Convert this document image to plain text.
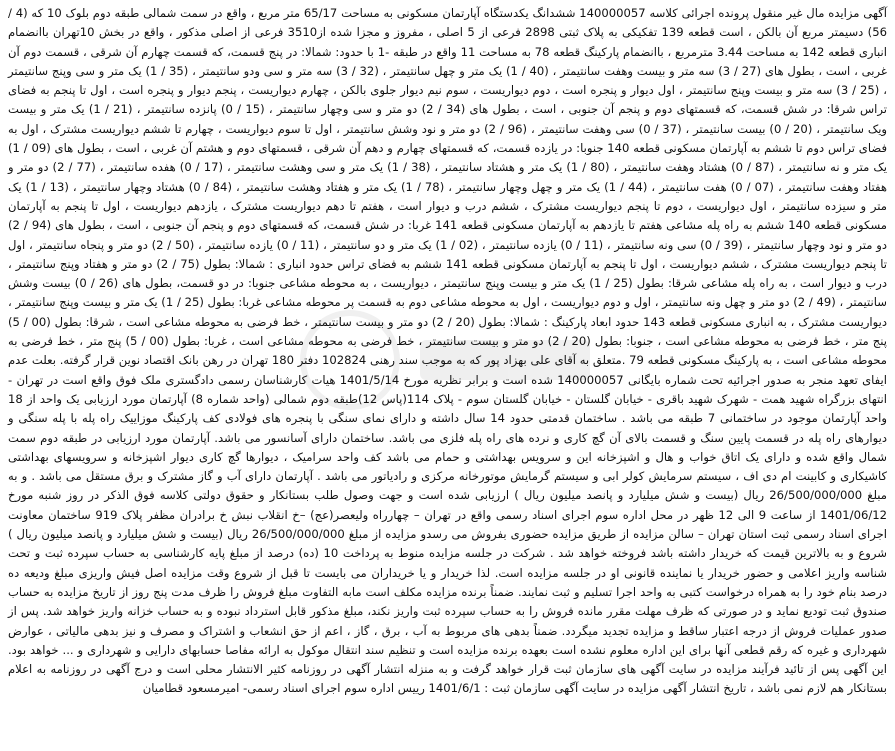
آگهی مزایده مال غیر منقول پرونده اجرائی کلاسه 140000057 ششدانگ یکدستگاه آپارتمان مسکونی به مساحت 65/17 متر مربع ، واقع در سمت شمالی طبقه دوم بلوک 10 که (4 / 56) دسیمتر مربع آن بالکن ، است قطعه 139 تفکیکی به پلاک ثبتی 2898 فرعی از 5 اصلی ، مفروز و مجزا شده از3510 فرعی از اصلی مذکور ، واقع در بخش 10تهران باانضمام انباری قطعه 142 به مساحت 3.44 مترمربع ، باانضمام پارکینگ قطعه 78 به مساحت 11 واقع در طبقه -1 با حدود: شمالا: در پنج قسمت، که قسمت چهارم آن شرقی ، قسمت دوم آن غربی ، است ، بطول های (27 / 3) سه متر و بیست وهفت سانتیمتر ، (40 / 1) یک متر و چهل سانتیمتر ، (32 / 3) سه متر و سی ودو سانتیمتر ، (35 / 1) یک متر و سی وپنج سانتیمتر ، (25 / 3) سه متر و بیست وپنج سانتیمتر ، اول دیوار و پنجره است ، دوم دیواریست ، سوم نیم دیوار جلوی بالکن ، چهارم دیواریست ، پنجم دیوار و پنجره است ، اول تا پنجم به فضای تراس شرقا: در شش قسمت، که قسمتهای دوم و پنجم آن جنوبی ، است ، بطول های (34 / 2) دو متر و سی وچهار سانتیمتر ، (15 / 0) پانزده سانتیمتر ، (21 / 1) یک متر و بیست ویک سانتیمتر ، (20 / 0) بیست سانتیمتر ، (37 / 0) سی وهفت سانتیمتر ، (96 / 2) دو متر و نود وشش سانتیمتر ، اول تا سوم دیواریست ، چهارم تا ششم دیواریست مشترک ، اول به فضای تراس دوم تا ششم به آپارتمان مسکونی قطعه 140 جنوبا: در یازده قسمت، که قسمتهای چهارم و دهم آن شرقی ، قسمتهای دوم و هشتم آن غربی ، است ، بطول های (09 / 1) یک متر و نه سانتیمتر ، (87 / 0) هشتاد وهفت سانتیمتر ، (80 / 1) یک متر و هشتاد سانتیمتر ، (38 / 1) یک متر و سی وهشت سانتیمتر ، (17 / 0) هفده سانتیمتر ، (77 / 2) دو متر و هفتاد وهفت سانتیمتر ، (07 / 0) هفت سانتیمتر ، (44 / 1) یک متر و چهل وچهار سانتیمتر ، (78 / 1) یک متر و هفتاد وهشت سانتیمتر ، (84 / 0) هشتاد وچهار سانتیمتر ، (13 / 1) یک متر و سیزده سانتیمتر ، اول دیواریست ، دوم تا پنجم دیواریست مشترک ، ششم درب و دیوار است ، هفتم تا دهم دیواریست مشترک ، یازدهم دیواریست ، اول تا پنجم به آپارتمان مسکونی قطعه 140 ششم به راه پله مشاعی هفتم تا یازدهم به آپارتمان مسکونی قطعه 141 غربا: در شش قسمت، که قسمتهای دوم و پنجم آن جنوبی ، است ، بطول های (94 / 2) دو متر و نود وچهار سانتیمتر ، (39 / 0) سی ونه سانتیمتر ، (11 / 0) یازده سانتیمتر ، (02 / 1) یک متر و دو سانتیمتر ، (11 / 0) یازده سانتیمتر ، (50 / 2) دو متر و پنجاه سانتیمتر ، اول تا پنجم دیواریست مشترک ، ششم دیواریست ، اول تا پنجم به آپارتمان مسکونی قطعه 141 ششم به فضای تراس حدود انباری : شمالا: بطول (75 / 2) دو متر و هفتاد وپنج سانتیمتر ، درب و دیوار است ، به راه پله مشاعی شرقا: بطول (25 / 1) یک متر و بیست وپنج سانتیمتر ، دیواریست ، به محوطه مشاعی جنوبا: در دو قسمت، بطول های (26 / 0) بیست وشش سانتیمتر ، (49 / 2) دو متر و چهل ونه سانتیمتر ، اول و دوم دیواریست ، اول به محوطه مشاعی دوم به قسمت پر محوطه مشاعی غربا: بطول (25 / 1) یک متر و بیست وپنج سانتیمتر ، دیواریست مشترک ، به انباری مسکونی قطعه 143 حدود ابعاد پارکینگ : شمالا: بطول (20 / 2) دو متر و بیست سانتیمتر ، خط فرضی به محوطه مشاعی است ، شرقا: بطول (00 / 5) پنج متر ، خط فرضی به محوطه مشاعی است ، جنوبا: بطول (20 / 2) دو متر و بیست سانتیمتر ، خط فرضی به محوطه مشاعی است ، غربا: بطول (00 / 5) پنج متر ، خط فرضی به محوطه مشاعی است ، به پارکینگ مسکونی قطعه 79 .متعلق به آقای علی بهزاد پور که به موجب سند رهنی 102824 دفتر 180 تهران در رهن بانک اقتصاد نوین قرار گرفته. بعلت عدم ایفای تعهد منجر به صدور اجرائیه تحت شماره بایگانی 140000057 شده است و برابر نظریه مورخ 1401/5/14 هیات کارشناسان رسمی دادگستری ملک فوق واقع است در تهران - انتهای بزرگراه شهید همت - شهرک شهید باقری - خیابان گلستان - خیابان گلستان سوم - پلاک 114(پاس 12)طبقه دوم شمالی (واحد شماره 8) آپارتمان مورد ارزیابی یک واحد از 18 واحد آپارتمان موجود در ساختمانی 7 طبقه می باشد . ساختمان قدمتی حدود 14 سال داشته و دارای نمای سنگی با پنجره های فولادی کف پارکینگ موزاییک راه پله با پله سنگی و دیوارهای راه پله در قسمت پایین سنگ و قسمت بالای آن گچ کاری و نرده های راه پله فلزی می باشد. ساختمان دارای آسانسور می باشد. آپارتمان مورد ارزیابی در طبقه دوم سمت شمال واقع شده و دارای یک اتاق خواب و هال و اشپزخانه این و سرویس بهداشتی و حمام می باشد کف واحد سرامیک ، دیوارها گچ کاری دیوار اشپزخانه و سرویسهای بهداشتی کاشیکاری و کابینت ام دی اف ، سیستم سرمایش کولر ابی و سیستم گرمایش موتورخانه مرکزی و رادیاتور می باشد . آپارتمان دارای آب و گاز مشترک و برق مستقل می باشد . و به مبلغ 26/500/000/000 ریال (بیست و شش میلیارد و پانصد میلیون ریال ) ارزیابی شده است و جهت وصول طلب بستانکار و حقوق دولتی کلاسه فوق الذکر در روز شنبه مورخ 1401/06/12 از ساعت 9 الی 12 ظهر در محل اداره سوم اجرای اسناد رسمی واقع در تهران – چهارراه ولیعصر(عج) –خ انقلاب نبش خ برادران مظفر پلاک 919 ساختمان معاونت اجرای اسناد رسمی ثبت استان تهران – سالن مزایده از طریق مزایده حضوری بفروش می رسدو مزایده از مبلغ 26/500/000/000 ریال (بیست و شش میلیارد و پانصد میلیون ریال ) شروع و به بالاترین قیمت که خریدار داشته باشد فروخته خواهد شد . شرکت در جلسه مزایده منوط به پرداخت 10 (ده) درصد از مبلغ پایه کارشناسی به حساب سپرده ثبت و تحت شناسه واریز اعلامی و حضور خریدار یا نماینده قانونی او در جلسه مزایده است. لذا خریدار و یا خریداران می بایست تا قبل از شروع وقت مزایده اصل فیش واریزی مبلغ ودیعه ده درصد بنام خود را به همراه درخواست کتبی به واحد اجرا تسلیم و ثبت نمایند. ضمناً برنده مزایده مکلف است مابه التفاوت مبلغ فروش را ظرف مدت پنج روز از تاریخ مزایده به حساب صندوق ثبت تودیع نماید و در صورتی که ظرف مهلت مقرر مانده فروش را به حساب سپرده ثبت واریز نکند، مبلغ مذکور قابل استرداد نبوده و به حساب خزانه واریز خواهد شد. پس از صدور عملیات فروش از درجه اعتبار ساقط و مزایده تجدید میگردد. ضمناً بدهی های مربوط به آب ، برق ، گاز ، اعم از حق انشعاب و اشتراک و مصرف و نیز بدهی مالیاتی ، عوارض شهرداری و غیره که رقم قطعی آنها برای این اداره معلوم نشده است بعهده برنده مزایده است و تنظیم سند انتقال موکول به ارائه مفاصا حسابهای دارایی و شهرداری و ... خواهد بود. این آگهی پس از تائید فرآیند مزایده در سایت آگهی های سازمان ثبت قرار خواهد گرفت و به منزله انتشار آگهی در روزنامه کثیر الانتشار محلی است و درج آگهی در روزنامه به اعلام بستانکار هم لازم نمی باشد ، تاریخ انتشار آگهی مزایده در سایت آگهی سازمان ثبت : 1401/6/1 رییس اداره سوم اجرای اسناد رسمی- امیرمسعود قطامیان
